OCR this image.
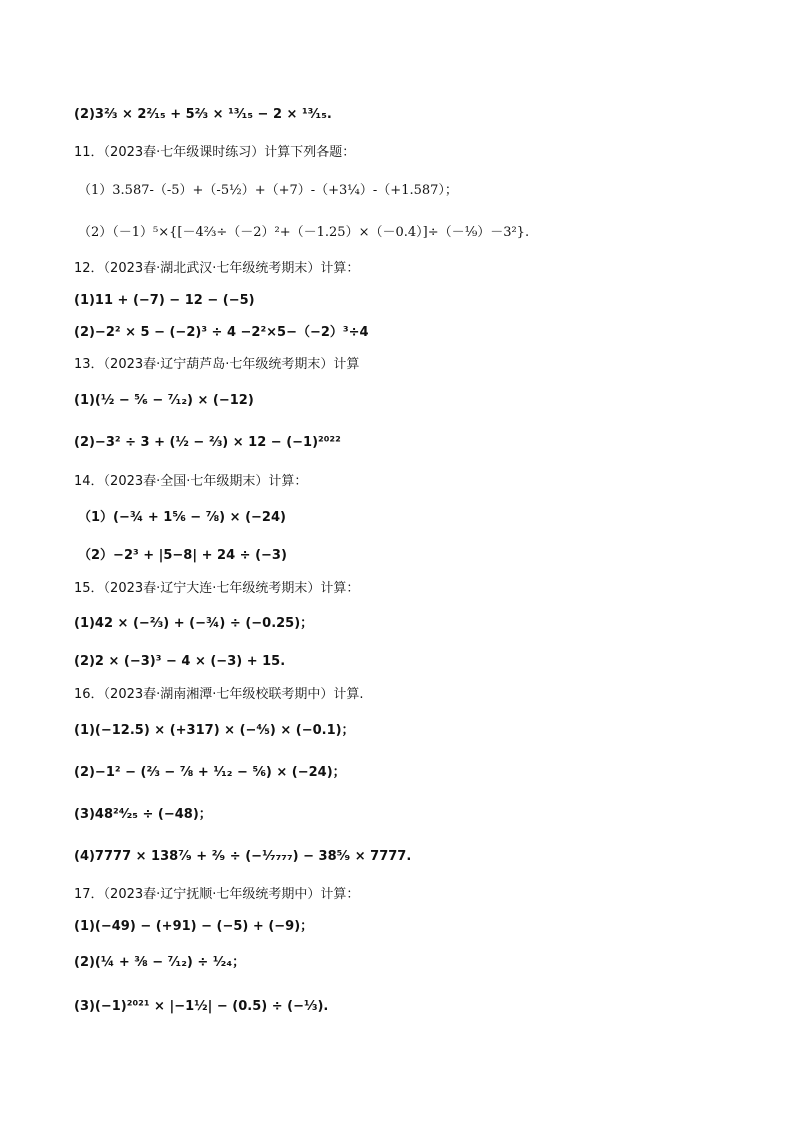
(2)3⅔ × 2²⁄₁₅ + 5⅔ × ¹³⁄₁₅ − 2 × ¹³⁄₁₅.
11．（2023春·七年级课时练习）计算下列各题：
（1）3.587-（-5）+（-5½）+（+7）-（+3¼）-（+1.587）；
（2）（－1）⁵×{[－4⅔÷（－2）²+（－1.25）×（－0.4）]÷（－⅑）－3²}.
12．（2023春·湖北武汉·七年级统考期末）计算：
(1)11 + (−7) − 12 − (−5)
(2)−2² × 5 − (−2)³ ÷ 4 −2²×5−（−2）³÷4
13．（2023春·辽宁葫芦岛·七年级统考期末）计算
(1)(½ − ⁵⁄₆ − ⁷⁄₁₂) × (−12)
(2)−3² ÷ 3 + (½ − ⅔) × 12 − (−1)²⁰²²
14．（2023春·全国·七年级期末）计算：
（1）(−¾ + 1⅚ − ⅞) × (−24)
（2）−2³ + |5−8| + 24 ÷ (−3)
15．（2023春·辽宁大连·七年级统考期末）计算：
(1)42 × (−⅔) + (−¾) ÷ (−0.25)；
(2)2 × (−3)³ − 4 × (−3) + 15.
16．（2023春·湖南湘潭·七年级校联考期中）计算.
(1)(−12.5) × (+317) × (−⅘) × (−0.1)；
(2)−1² − (⅔ − ⅞ + ¹⁄₁₂ − ⅚) × (−24)；
(3)48²⁴⁄₂₅ ÷ (−48)；
(4)7777 × 138⁷⁄₉ + ²⁄₉ ÷ (−¹⁄₇₇₇₇) − 38⁵⁄₉ × 7777.
17．（2023春·辽宁抚顺·七年级统考期中）计算：
(1)(−49) − (+91) − (−5) + (−9)；
(2)(¼ + ⅜ − ⁷⁄₁₂) ÷ ¹⁄₂₄；
(3)(−1)²⁰²¹ × |−1½| − (0.5) ÷ (−⅓).
